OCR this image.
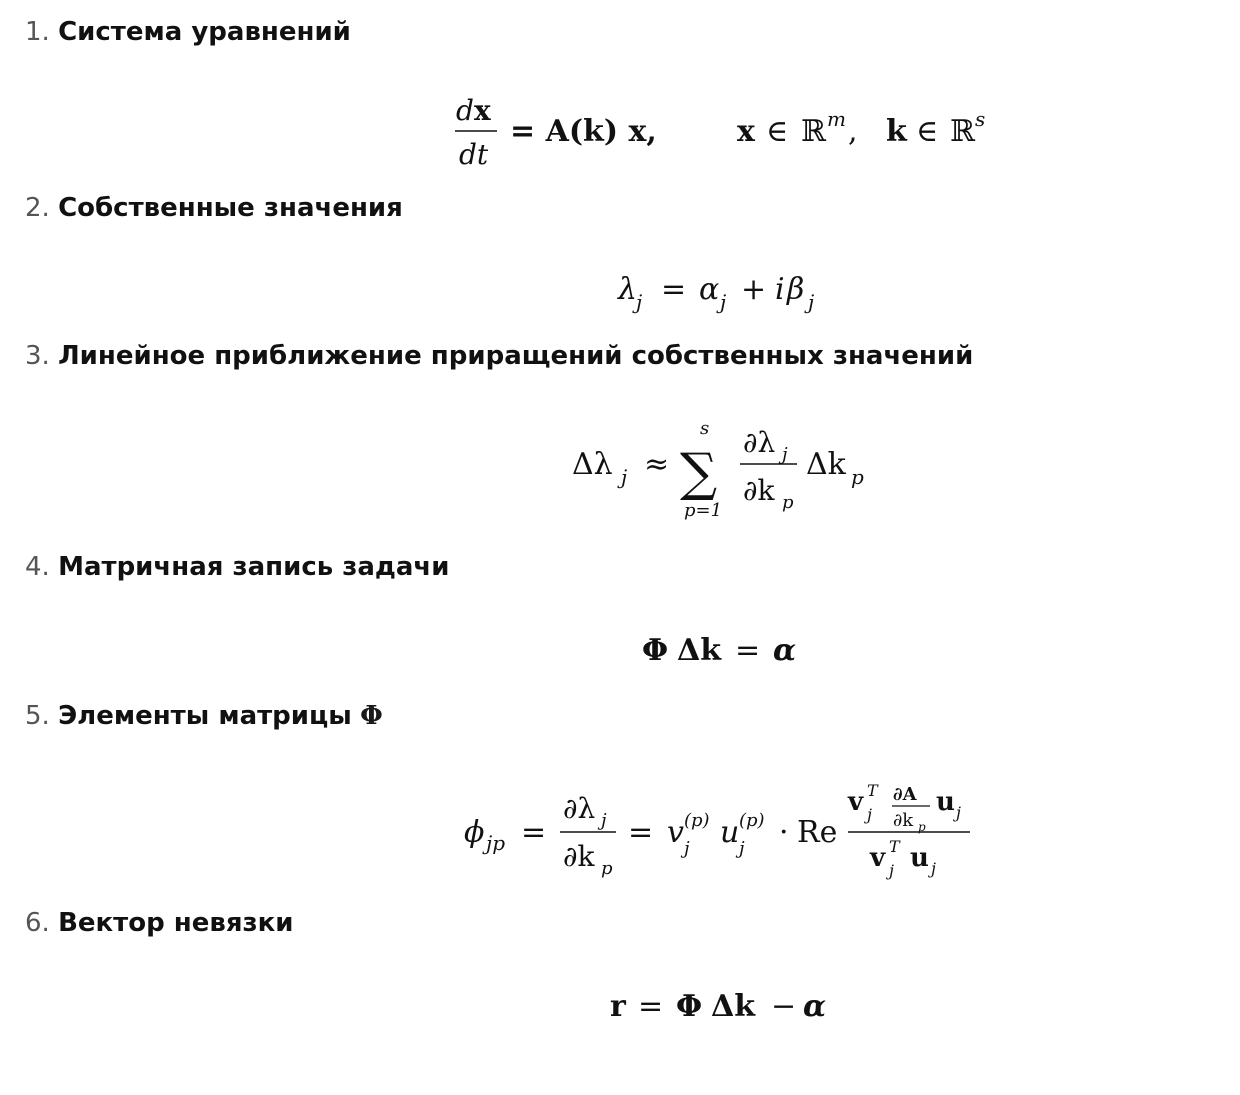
1. Система уравнений
d x
dt
= A(k) x,	x ∈ ℝ m , k ∈ ℝ s
2. Собственные значения
λ
j = α j + i β j
3. Линейное приближение приращений собственных значений
Δλ j ≈
s
∑
p=1
∂λ j
∂k p
Δk p
4. Матричная запись задачи
Φ Δk = α
5. Элементы матрицы Φ
ϕ jp =
∂λ j
∂k p
= v (p)
j u (p)
j · Re
v T
j
∂A
∂k p
u j
v T
j u j
6. Вектор невязки
r = Φ Δk − α
